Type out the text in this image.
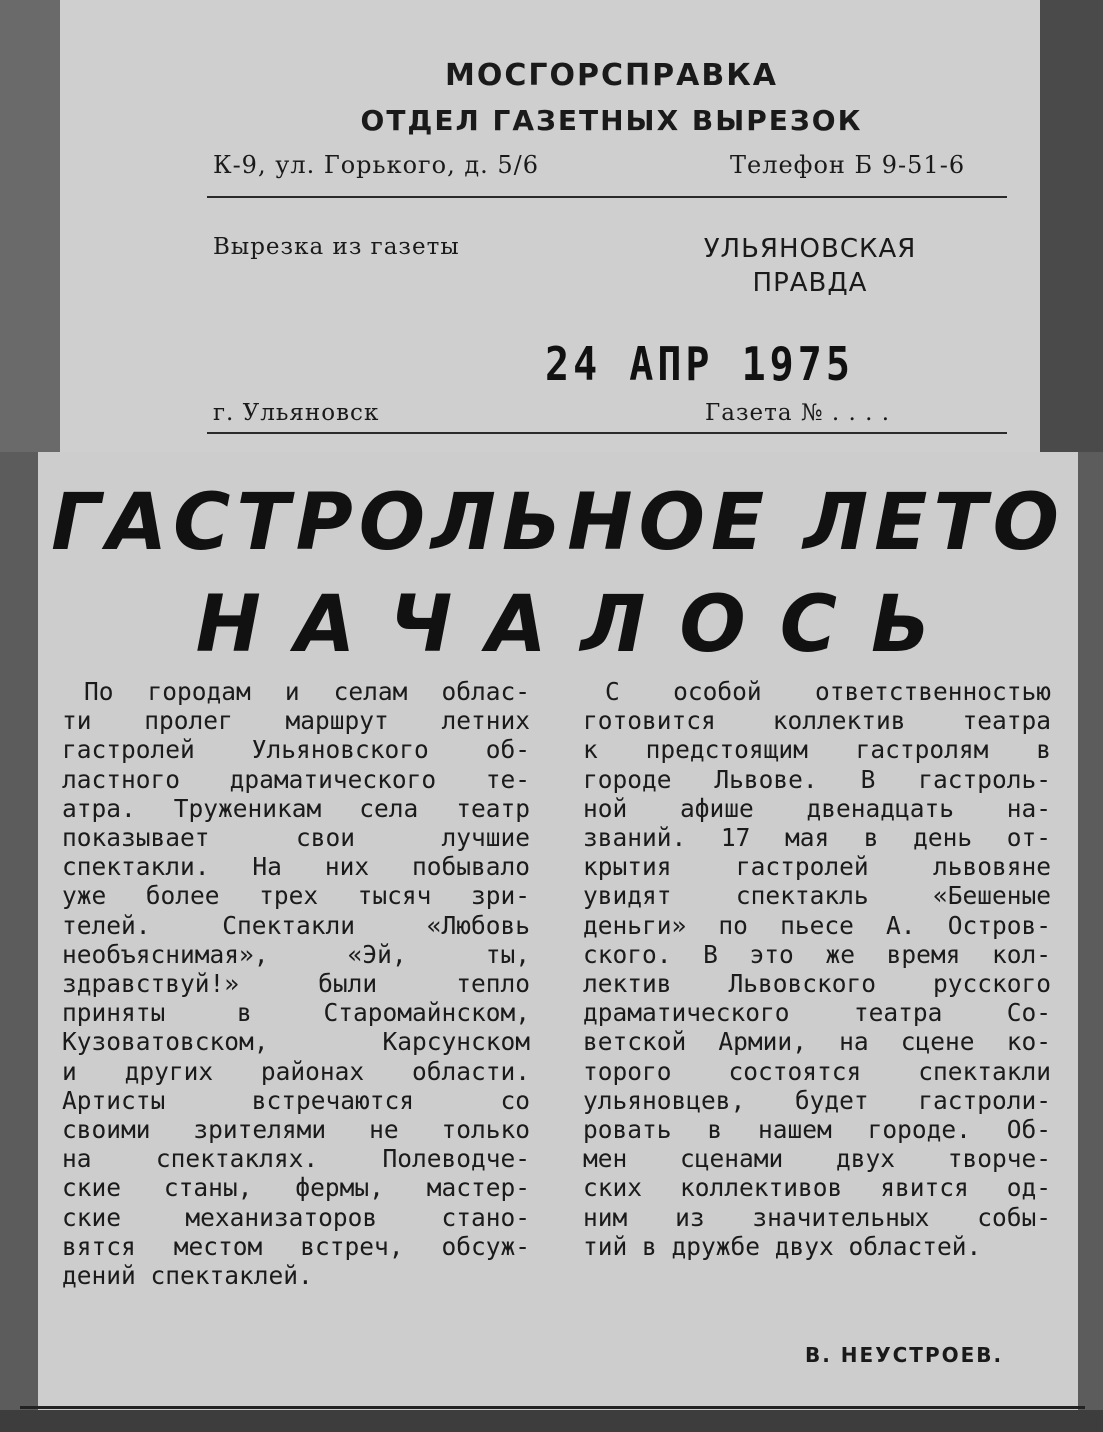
МОСГОРСПРАВКА
ОТДЕЛ ГАЗЕТНЫХ ВЫРЕЗОК
К-9, ул. Горького, д. 5/6	Телефон Б 9-51-6
Вырезка из газеты	УЛЬЯНОВСКАЯ
ПРАВДА
24 АПР 1975
г. Ульяновск	Газета № . . . .
ГАСТРОЛЬНОЕ ЛЕТО
НАЧАЛОСЬ
По городам и селам облас-
ти пролег маршрут летних
гастролей Ульяновского об-
ластного драматического те-
атра. Труженикам села театр
показывает свои лучшие
спектакли. На них побывало
уже более трех тысяч зри-
телей. Спектакли «Любовь
необъяснимая», «Эй, ты,
здравствуй!» были тепло
приняты в Старомайнском,
Кузоватовском, Карсунском
и других районах области.
Артисты встречаются со
своими зрителями не только
на спектаклях. Полеводче-
ские станы, фермы, мастер-
ские механизаторов стано-
вятся местом встреч, обсуж-
дений спектаклей.
С особой ответственностью
готовится коллектив театра
к предстоящим гастролям в
городе Львове. В гастроль-
ной афише двенадцать на-
званий. 17 мая в день от-
крытия гастролей львовяне
увидят спектакль «Бешеные
деньги» по пьесе А. Остров-
ского. В это же время кол-
лектив Львовского русского
драматического театра Со-
ветской Армии, на сцене ко-
торого состоятся спектакли
ульяновцев, будет гастроли-
ровать в нашем городе. Об-
мен сценами двух творче-
ских коллективов явится од-
ним из значительных собы-
тий в дружбе двух областей.
В. НЕУСТРОЕВ.
